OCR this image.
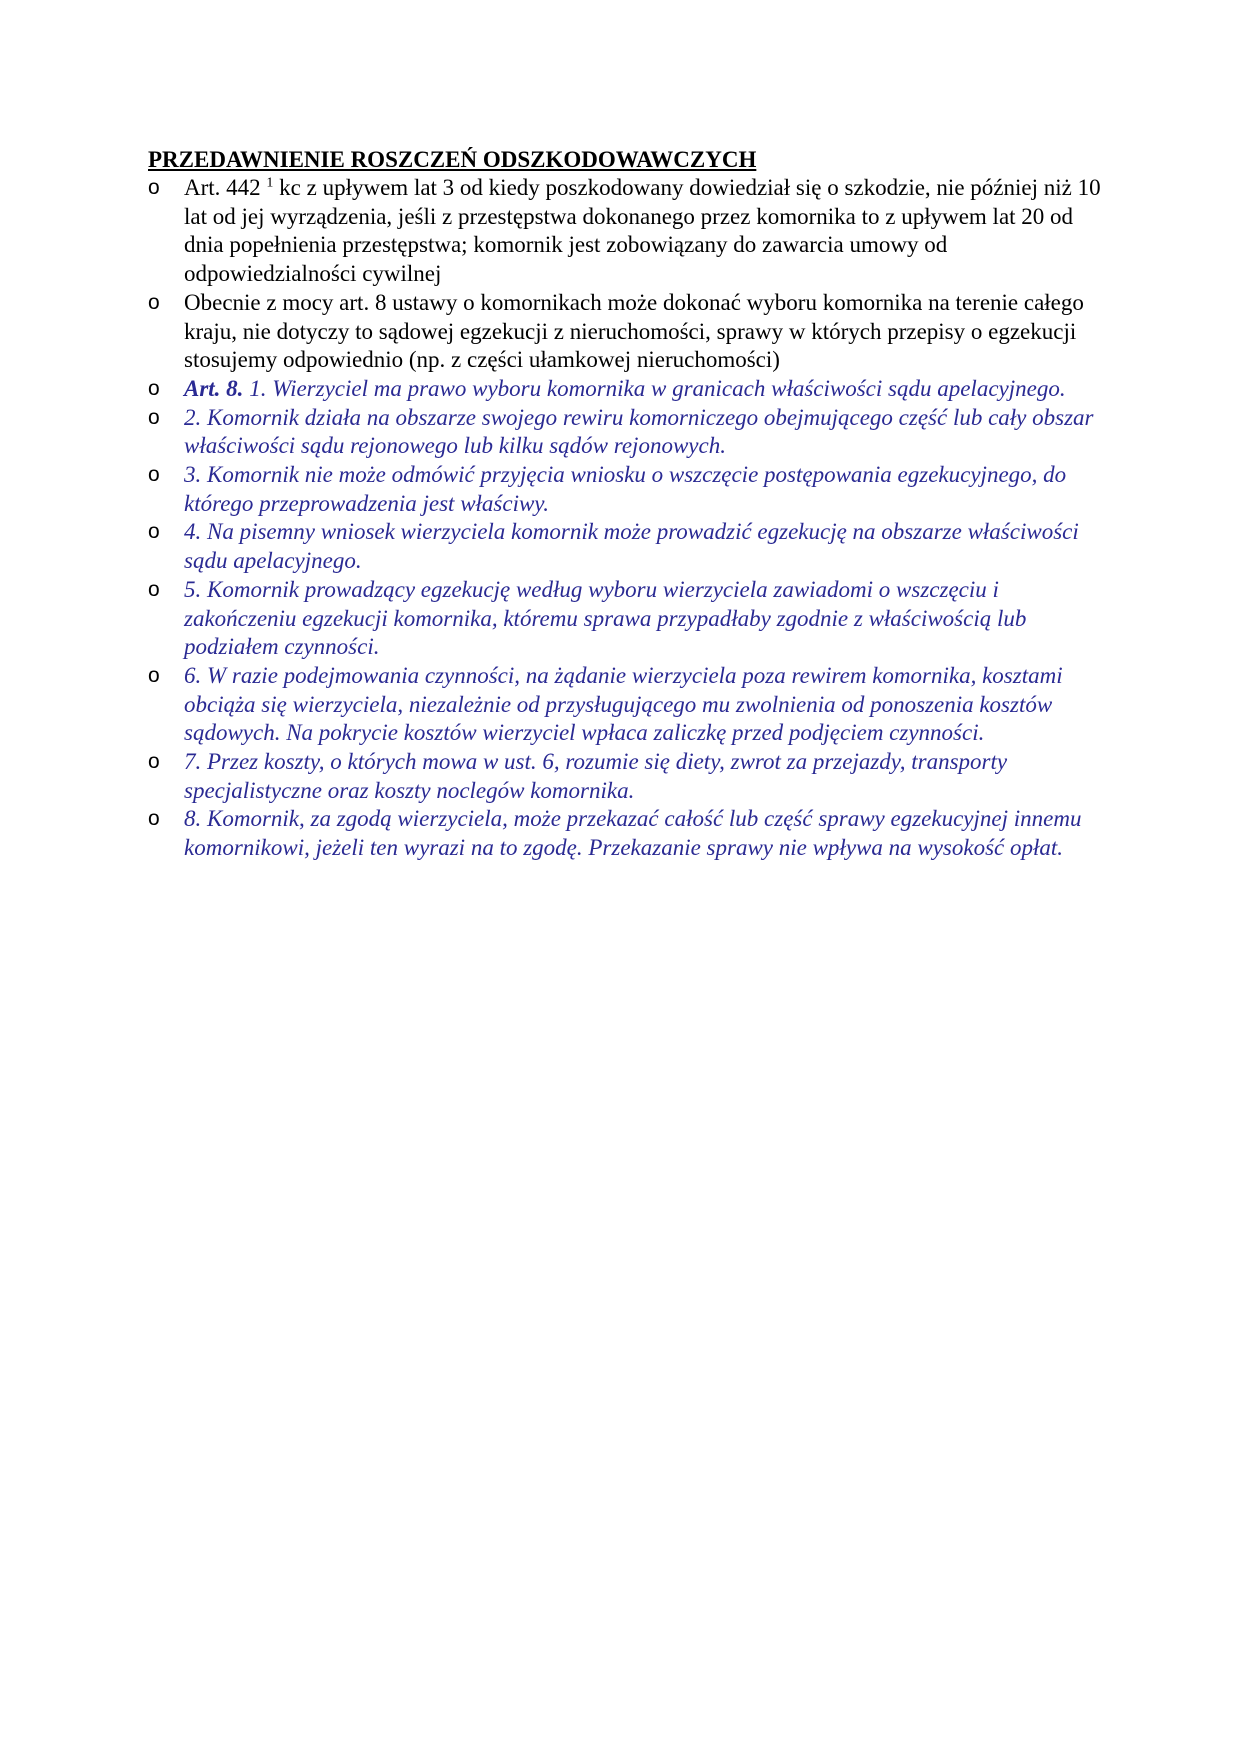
PRZEDAWNIENIE ROSZCZEŃ ODSZKODOWAWCZYCH
o Art. 442 $^1$ kc z upływem lat 3 od kiedy poszkodowany dowiedział się o szkodzie, nie później niż 10 lat od jej wyrządzenia, jeśli z przestępstwa dokonanego przez komornika to z upływem lat 20 od dnia popełnienia przestępstwa; komornik jest zobowiązany do zawarcia umowy od odpowiedzialności cywilnej
o Obecnie z mocy art. 8 ustawy o komornikach może dokonać wyboru komornika na terenie całego kraju, nie dotyczy to sądowej egzekucji z nieruchomości, sprawy w których przepisy o egzekucji stosujemy odpowiednio (np. z części ułamkowej nieruchomości)
o Art. 8. 1. Wierzyciel ma prawo wyboru komornika w granicach właściwości sądu apelacyjnego.
o 2. Komornik działa na obszarze swojego rewiru komorniczego obejmującego część lub cały obszar właściwości sądu rejonowego lub kilku sądów rejonowych.
o 3. Komornik nie może odmówić przyjęcia wniosku o wszczęcie postępowania egzekucyjnego, do którego przeprowadzenia jest właściwy.
o 4. Na pisemny wniosek wierzyciela komornik może prowadzić egzekucję na obszarze właściwości sądu apelacyjnego.
o 5. Komornik prowadzący egzekucję według wyboru wierzyciela zawiadomi o wszczęciu i zakończeniu egzekucji komornika, któremu sprawa przypadłaby zgodnie z właściwością lub podziałem czynności.
o 6. W razie podejmowania czynności, na żądanie wierzyciela poza rewirem komornika, kosztami obciąża się wierzyciela, niezależnie od przysługującego mu zwolnienia od ponoszenia kosztów sądowych. Na pokrycie kosztów wierzyciel wpłaca zaliczkę przed podjęciem czynności.
o 7. Przez koszty, o których mowa w ust. 6, rozumie się diety, zwrot za przejazdy, transporty specjalistyczne oraz koszty noclegów komornika.
o 8. Komornik, za zgodą wierzyciela, może przekazać całość lub część sprawy egzekucyjnej innemu komornikowi, jeżeli ten wyrazi na to zgodę. Przekazanie sprawy nie wpływa na wysokość opłat.
